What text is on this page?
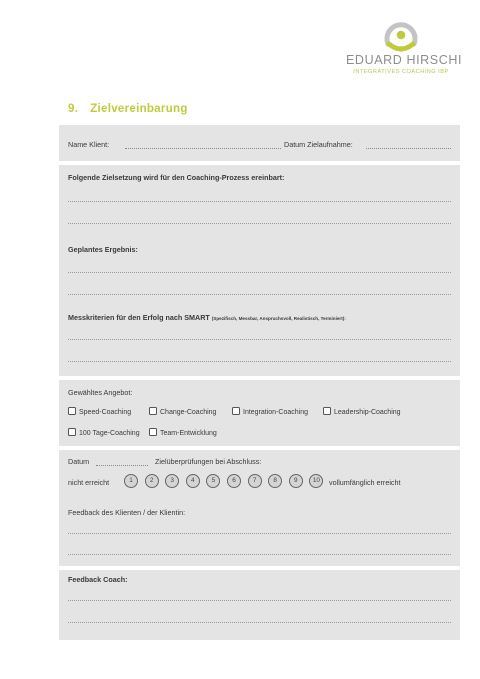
EDUARD HIRSCHI
INTEGRATIVES COACHING IBP
9. Zielvereinbarung
Name Klient:	Datum Zielaufnahme:
Folgende Zielsetzung wird für den Coaching-Prozess ereinbart:
Geplantes Ergebnis:
Messkriterien für den Erfolg nach SMART (Spezifisch, Messbar, Anspruchsvoll, Realistisch, Terminiert):
Gewähltes Angebot:
Speed-Coaching	Change-Coaching	Integration-Coaching	Leadership-Coaching
100 Tage-Coaching	Team-Entwicklung
Datum	Zielüberprüfungen bei Abschluss:
nicht erreicht	1	2	3	4	5	6	7	8	9	10	vollumfänglich erreicht
Feedback des Klienten / der Klientin:
Feedback Coach:
